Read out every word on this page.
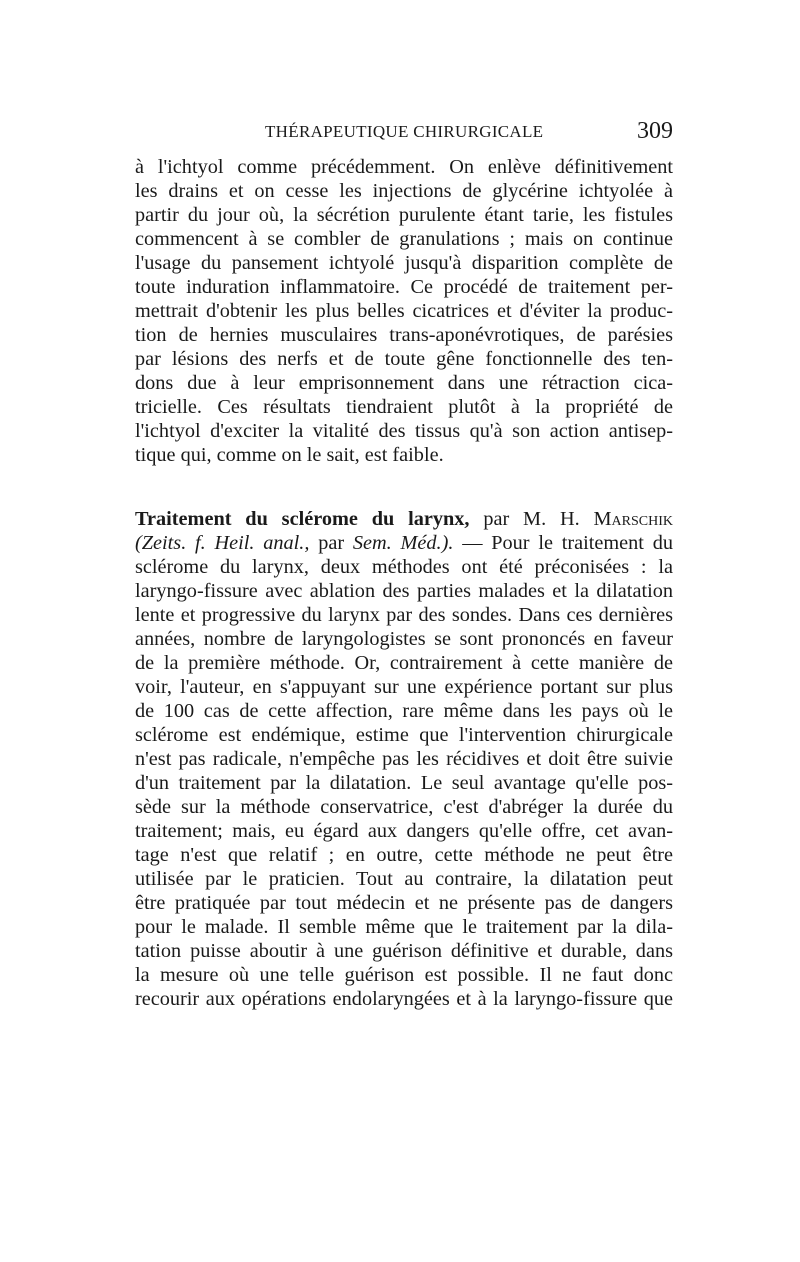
THÉRAPEUTIQUE CHIRURGICALE	309
à l'ichtyol comme précédemment. On enlève définitivement
les drains et on cesse les injections de glycérine ichtyolée à
partir du jour où, la sécrétion purulente étant tarie, les fistules
commencent à se combler de granulations ; mais on continue
l'usage du pansement ichtyolé jusqu'à disparition complète de
toute induration inflammatoire. Ce procédé de traitement per-
mettrait d'obtenir les plus belles cicatrices et d'éviter la produc-
tion de hernies musculaires trans-aponévrotiques, de parésies
par lésions des nerfs et de toute gêne fonctionnelle des ten-
dons due à leur emprisonnement dans une rétraction cica-
tricielle. Ces résultats tiendraient plutôt à la propriété de
l'ichtyol d'exciter la vitalité des tissus qu'à son action antisep-
tique qui, comme on le sait, est faible.
Traitement du sclérome du larynx, par M. H. Marschik
(Zeits. f. Heil. anal., par Sem. Méd.). — Pour le traitement du
sclérome du larynx, deux méthodes ont été préconisées : la
laryngo-fissure avec ablation des parties malades et la dilatation
lente et progressive du larynx par des sondes. Dans ces dernières
années, nombre de laryngologistes se sont prononcés en faveur
de la première méthode. Or, contrairement à cette manière de
voir, l'auteur, en s'appuyant sur une expérience portant sur plus
de 100 cas de cette affection, rare même dans les pays où le
sclérome est endémique, estime que l'intervention chirurgicale
n'est pas radicale, n'empêche pas les récidives et doit être suivie
d'un traitement par la dilatation. Le seul avantage qu'elle pos-
sède sur la méthode conservatrice, c'est d'abréger la durée du
traitement; mais, eu égard aux dangers qu'elle offre, cet avan-
tage n'est que relatif ; en outre, cette méthode ne peut être
utilisée par le praticien. Tout au contraire, la dilatation peut
être pratiquée par tout médecin et ne présente pas de dangers
pour le malade. Il semble même que le traitement par la dila-
tation puisse aboutir à une guérison définitive et durable, dans
la mesure où une telle guérison est possible. Il ne faut donc
recourir aux opérations endolaryngées et à la laryngo-fissure que
